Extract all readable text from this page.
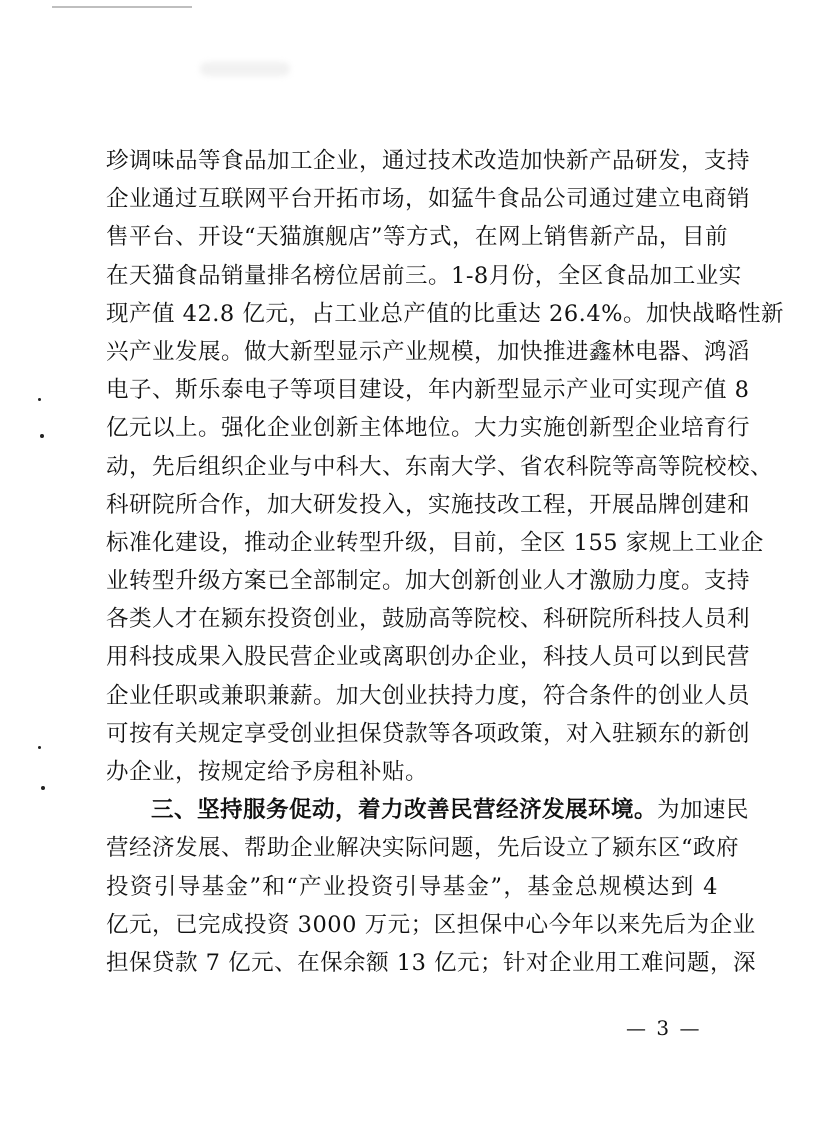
珍调味品等食品加工企业，通过技术改造加快新产品研发，支持
企业通过互联网平台开拓市场，如猛牛食品公司通过建立电商销
售平台、开设“天猫旗舰店”等方式，在网上销售新产品，目前
在天猫食品销量排名榜位居前三。1-8月份，全区食品加工业实
现产值 42.8 亿元，占工业总产值的比重达 26.4%。加快战略性新
兴产业发展。做大新型显示产业规模，加快推进鑫林电器、鸿滔
电子、斯乐泰电子等项目建设，年内新型显示产业可实现产值 8
亿元以上。强化企业创新主体地位。大力实施创新型企业培育行
动，先后组织企业与中科大、东南大学、省农科院等高等院校校、
科研院所合作，加大研发投入，实施技改工程，开展品牌创建和
标准化建设，推动企业转型升级，目前，全区 155 家规上工业企
业转型升级方案已全部制定。加大创新创业人才激励力度。支持
各类人才在颍东投资创业，鼓励高等院校、科研院所科技人员利
用科技成果入股民营企业或离职创办企业，科技人员可以到民营
企业任职或兼职兼薪。加大创业扶持力度，符合条件的创业人员
可按有关规定享受创业担保贷款等各项政策，对入驻颍东的新创
办企业，按规定给予房租补贴。
三、坚持服务促动，着力改善民营经济发展环境。为加速民
营经济发展、帮助企业解决实际问题，先后设立了颍东区“政府
投资引导基金”和“产业投资引导基金”，基金总规模达到 4
亿元，已完成投资 3000 万元；区担保中心今年以来先后为企业
担保贷款 7 亿元、在保余额 13 亿元；针对企业用工难问题，深
— 3 —
